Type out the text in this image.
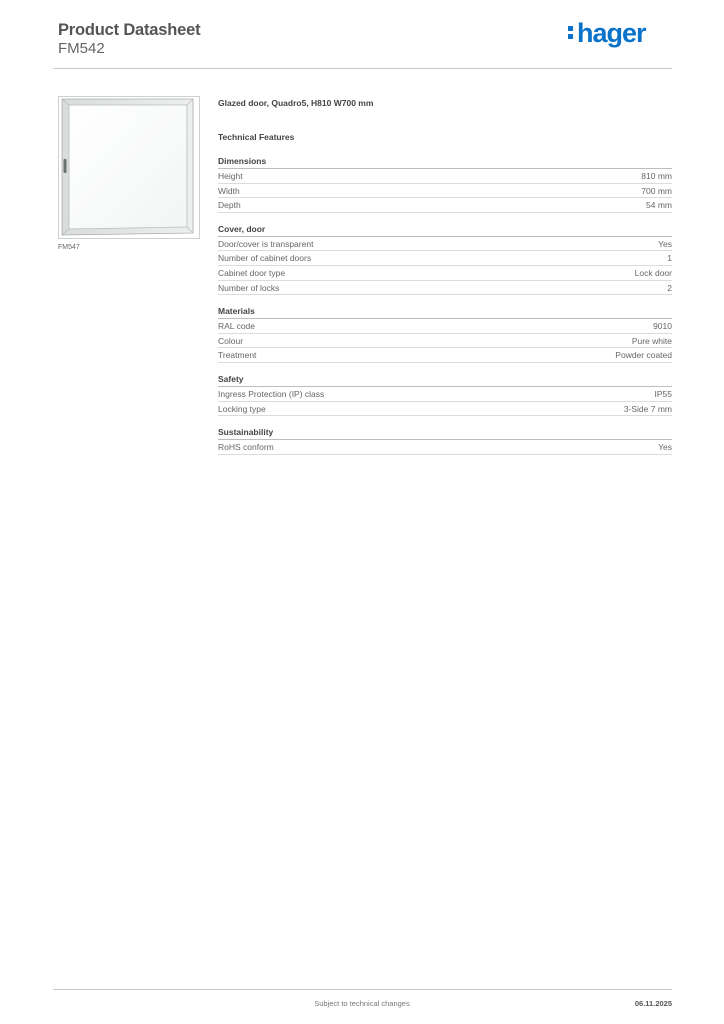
Product Datasheet
FM542
hager
FM547
Glazed door, Quadro5, H810 W700 mm
Technical Features
Dimensions
Height	810 mm
Width	700 mm
Depth	54 mm
Cover, door
Door/cover is transparent	Yes
Number of cabinet doors	1
Cabinet door type	Lock door
Number of locks	2
Materials
RAL code	9010
Colour	Pure white
Treatment	Powder coated
Safety
Ingress Protection (IP) class	IP55
Locking type	3-Side 7 mm
Sustainability
RoHS conform	Yes
Subject to technical changes	06.11.2025
